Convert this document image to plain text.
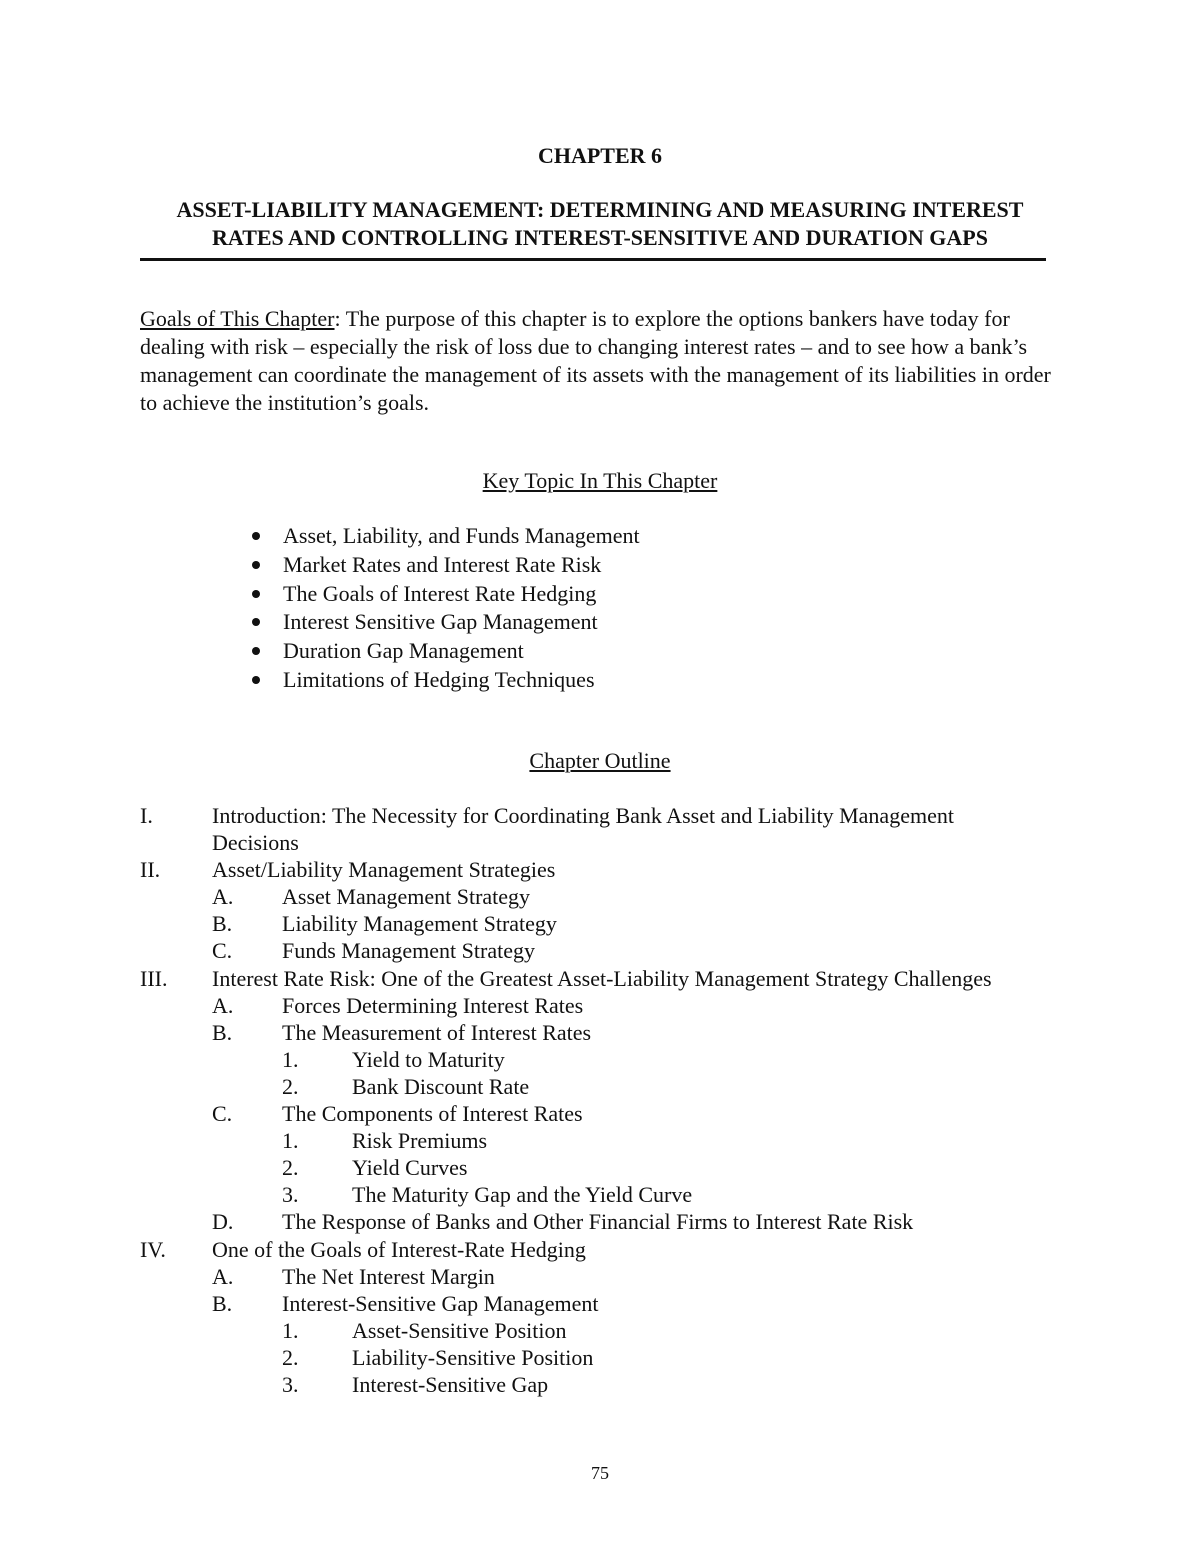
CHAPTER 6
ASSET-LIABILITY MANAGEMENT: DETERMINING AND MEASURING INTEREST
RATES AND CONTROLLING INTEREST-SENSITIVE AND DURATION GAPS
Goals of This Chapter: The purpose of this chapter is to explore the options bankers have today for dealing with risk – especially the risk of loss due to changing interest rates – and to see how a bank’s management can coordinate the management of its assets with the management of its liabilities in order to achieve the institution’s goals.
Key Topic In This Chapter
Asset, Liability, and Funds Management
Market Rates and Interest Rate Risk
The Goals of Interest Rate Hedging
Interest Sensitive Gap Management
Duration Gap Management
Limitations of Hedging Techniques
Chapter Outline
I.	Introduction: The Necessity for Coordinating Bank Asset and Liability Management
Decisions
II. Asset/Liability Management Strategies
A. Asset Management Strategy
B. Liability Management Strategy
C. Funds Management Strategy
III. Interest Rate Risk: One of the Greatest Asset-Liability Management Strategy Challenges
A. Forces Determining Interest Rates
B. The Measurement of Interest Rates
1. Yield to Maturity
2. Bank Discount Rate
C. The Components of Interest Rates
1. Risk Premiums
2. Yield Curves
3. The Maturity Gap and the Yield Curve
D. The Response of Banks and Other Financial Firms to Interest Rate Risk
IV. One of the Goals of Interest-Rate Hedging
A. The Net Interest Margin
B. Interest-Sensitive Gap Management
1. Asset-Sensitive Position
2. Liability-Sensitive Position
3. Interest-Sensitive Gap
75
